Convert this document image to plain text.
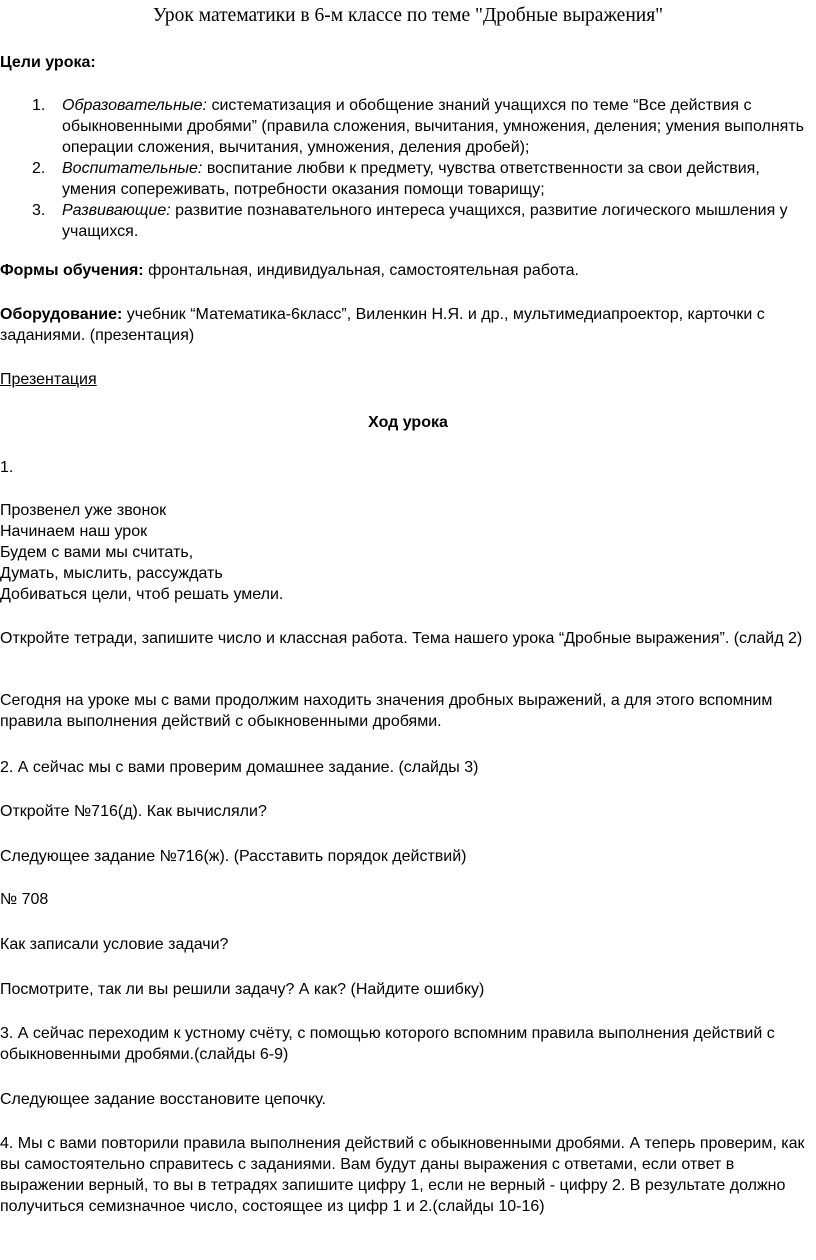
Урок математики в 6-м классе по теме "Дробные выражения"
Цели урока:
1. Образовательные: систематизация и обобщение знаний учащихся по теме “Все действия с обыкновенными дробями” (правила сложения, вычитания, умножения, деления; умения выполнять операции сложения, вычитания, умножения, деления дробей);
2. Воспитательные: воспитание любви к предмету, чувства ответственности за свои действия, умения сопереживать, потребности оказания помощи товарищу;
3. Развивающие: развитие познавательного интереса учащихся, развитие логического мышления у учащихся.
Формы обучения: фронтальная, индивидуальная, самостоятельная работа.
Оборудование: учебник “Математика-6класс”, Виленкин Н.Я. и др., мультимедиапроектор, карточки с заданиями. (презентация)
Презентация
Ход урока
1.
Прозвенел уже звонок
Начинаем наш урок
Будем с вами мы считать,
Думать, мыслить, рассуждать
Добиваться цели, чтоб решать умели.
Откройте тетради, запишите число и классная работа. Тема нашего урока “Дробные выражения”. (слайд 2)
Сегодня на уроке мы с вами продолжим находить значения дробных выражений, а для этого вспомним правила выполнения действий с обыкновенными дробями.
2. А сейчас мы с вами проверим домашнее задание. (слайды 3)
Откройте №716(д). Как вычисляли?
Следующее задание №716(ж). (Расставить порядок действий)
№ 708
Как записали условие задачи?
Посмотрите, так ли вы решили задачу? А как? (Найдите ошибку)
3. А сейчас переходим к устному счёту, с помощью которого вспомним правила выполнения действий с обыкновенными дробями.(слайды 6-9)
Следующее задание восстановите цепочку.
4. Мы с вами повторили правила выполнения действий с обыкновенными дробями. А теперь проверим, как вы самостоятельно справитесь с заданиями. Вам будут даны выражения с ответами, если ответ в выражении верный, то вы в тетрадях запишите цифру 1, если не верный - цифру 2. В результате должно получиться семизначное число, состоящее из цифр 1 и 2.(слайды 10-16)
